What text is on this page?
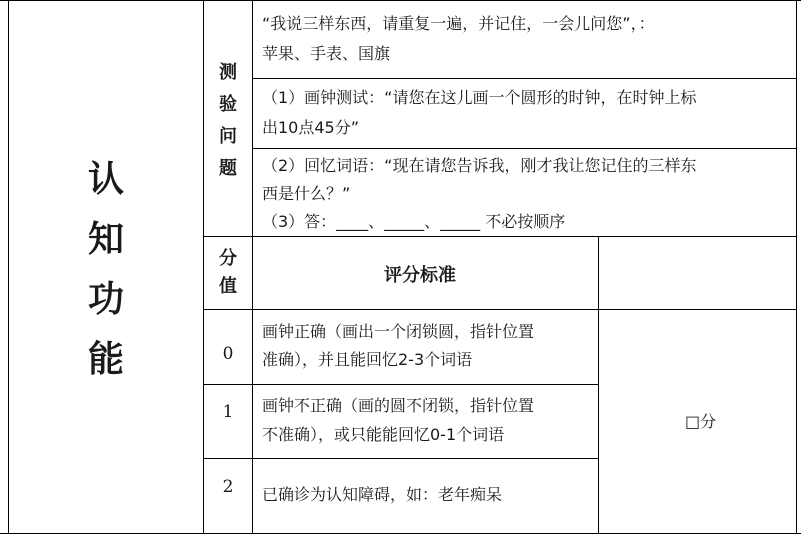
认
知
功
能
测
验
问
题
分
值
“我说三样东西，请重复一遍，并记住，一会儿问您”，：
苹果、手表、国旗
（1）画钟测试：“请您在这儿画一个圆形的时钟，在时钟上标
出10点45分”
（2）回忆词语：“现在请您告诉我，刚才我让您记住的三样东
西是什么？”
（3）答：____、_____、_____ 不必按顺序
评分标准
0
画钟正确（画出一个闭锁圆，指针位置
准确），并且能回忆2-3个词语
1	画钟不正确（画的圆不闭锁，指针位置
不准确），或只能能回忆0-1个词语
2	已确诊为认知障碍，如：老年痴呆
□分
